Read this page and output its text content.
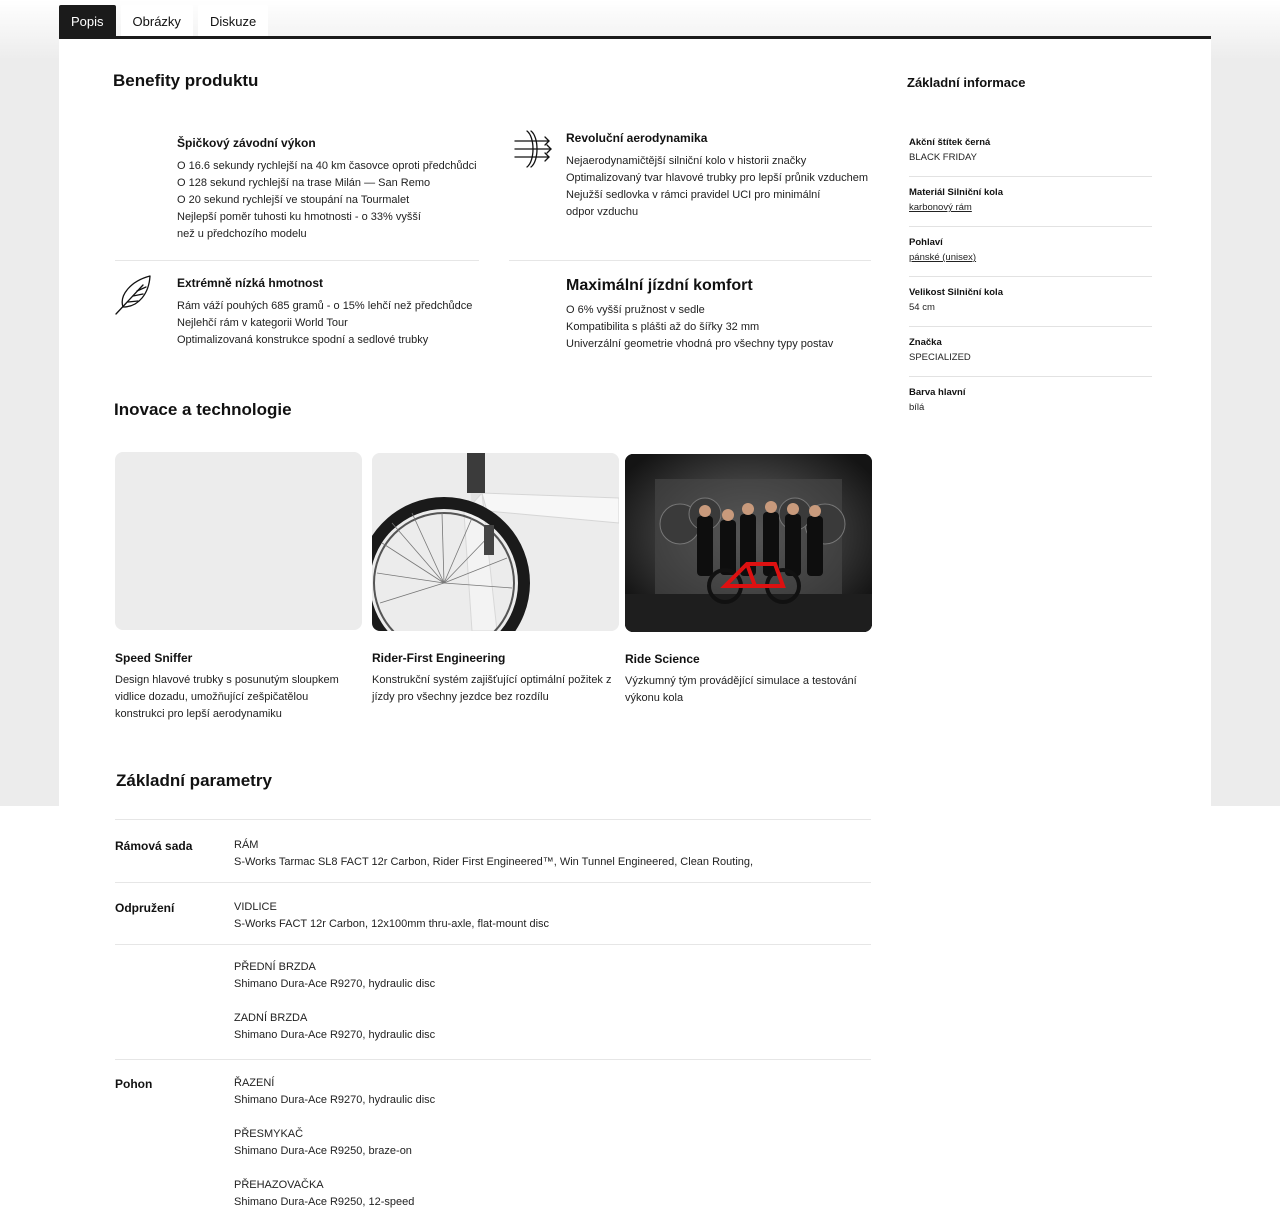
Popis	Obrázky	Diskuze
Benefity produktu
Špičkový závodní výkon
O 16.6 sekundy rychlejší na 40 km časovce oproti předchůdci
O 128 sekund rychlejší na trase Milán — San Remo
O 20 sekund rychlejší ve stoupání na Tourmalet
Nejlepší poměr tuhosti ku hmotnosti - o 33% vyšší
než u předchozího modelu
Revoluční aerodynamika
Nejaerodynamičtější silniční kolo v historii značky
Optimalizovaný tvar hlavové trubky pro lepší průnik vzduchem
Nejužší sedlovka v rámci pravidel UCI pro minimální
odpor vzduchu
Extrémně nízká hmotnost
Rám váží pouhých 685 gramů - o 15% lehčí než předchůdce
Nejlehčí rám v kategorii World Tour
Optimalizovaná konstrukce spodní a sedlové trubky
Maximální jízdní komfort
O 6% vyšší pružnost v sedle
Kompatibilita s plášti až do šířky 32 mm
Univerzální geometrie vhodná pro všechny typy postav
Inovace a technologie
Speed Sniffer
Design hlavové trubky s posunutým sloupkem vidlice dozadu, umožňující zešpičatělou konstrukci pro lepší aerodynamiku
Rider-First Engineering
Konstrukční systém zajišťující optimální požitek z jízdy pro všechny jezdce bez rozdílu
Ride Science
Výzkumný tým provádějící simulace a testování výkonu kola
Základní informace
Akční štítek černá
BLACK FRIDAY
Materiál Silniční kola
karbonový rám
Pohlaví
pánské (unisex)
Velikost Silniční kola
54 cm
Značka
SPECIALIZED
Barva hlavní
bílá
Základní parametry
Rámová sada	RÁM
S-Works Tarmac SL8 FACT 12r Carbon, Rider First Engineered™, Win Tunnel Engineered, Clean Routing,
Odpružení	VIDLICE
S-Works FACT 12r Carbon, 12x100mm thru-axle, flat-mount disc
PŘEDNÍ BRZDA
Shimano Dura-Ace R9270, hydraulic disc
ZADNÍ BRZDA
Shimano Dura-Ace R9270, hydraulic disc
Pohon	ŘAZENÍ
Shimano Dura-Ace R9270, hydraulic disc
PŘESMYKAČ
Shimano Dura-Ace R9250, braze-on
PŘEHAZOVAČKA
Shimano Dura-Ace R9250, 12-speed
